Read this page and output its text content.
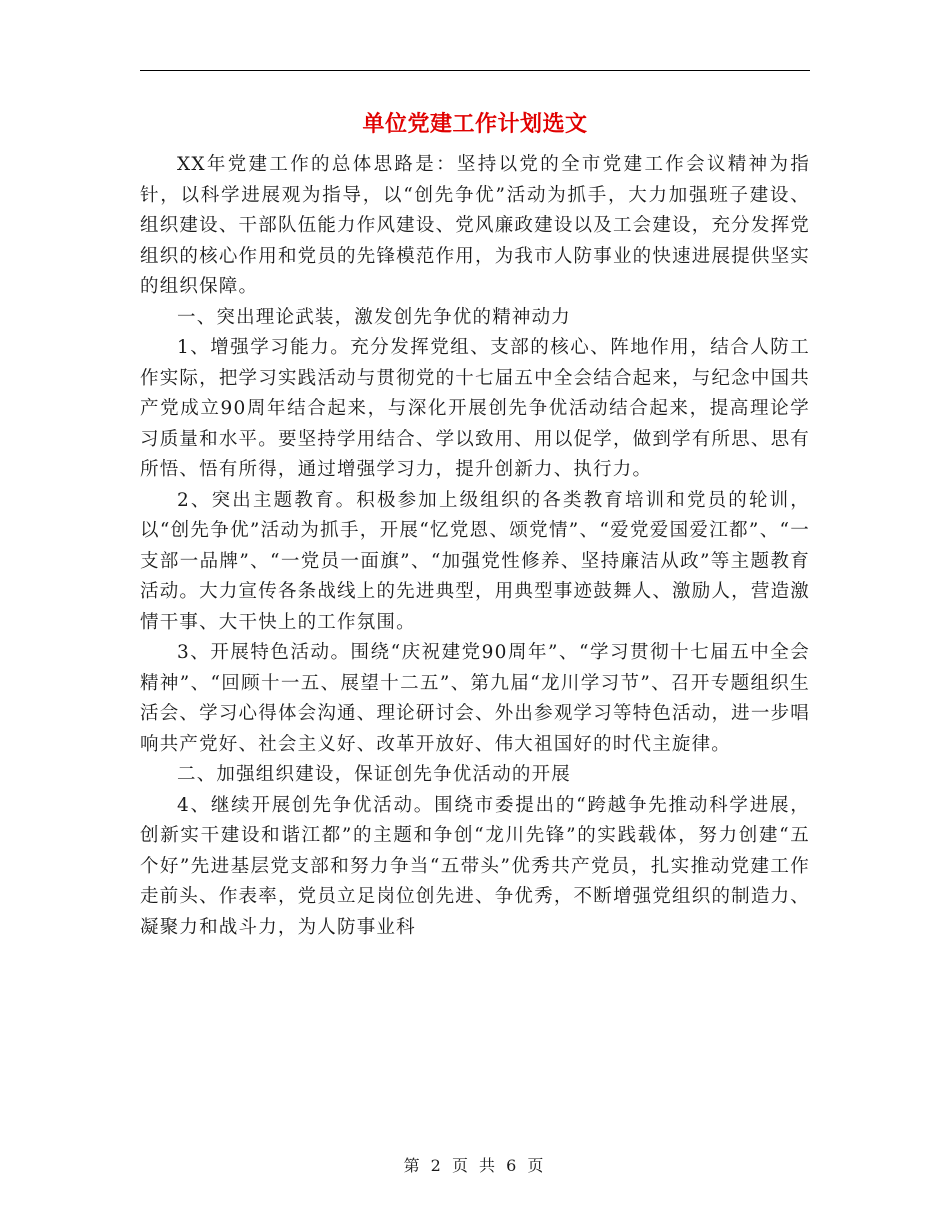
单位党建工作计划选文

XX年党建工作的总体思路是：坚持以党的全市党建工作会议精神为指针，以科学进展观为指导，以“创先争优”活动为抓手，大力加强班子建设、组织建设、干部队伍能力作风建设、党风廉政建设以及工会建设，充分发挥党组织的核心作用和党员的先锋模范作用，为我市人防事业的快速进展提供坚实的组织保障。

一、突出理论武装，激发创先争优的精神动力

1、增强学习能力。充分发挥党组、支部的核心、阵地作用，结合人防工作实际，把学习实践活动与贯彻党的十七届五中全会结合起来，与纪念中国共产党成立90周年结合起来，与深化开展创先争优活动结合起来，提高理论学习质量和水平。要坚持学用结合、学以致用、用以促学，做到学有所思、思有所悟、悟有所得，通过增强学习力，提升创新力、执行力。

2、突出主题教育。积极参加上级组织的各类教育培训和党员的轮训，以“创先争优”活动为抓手，开展“忆党恩、颂党情”、“爱党爱国爱江都”、“一支部一品牌”、“一党员一面旗”、“加强党性修养、坚持廉洁从政”等主题教育活动。大力宣传各条战线上的先进典型，用典型事迹鼓舞人、激励人，营造激情干事、大干快上的工作氛围。

3、开展特色活动。围绕“庆祝建党90周年”、“学习贯彻十七届五中全会精神”、“回顾十一五、展望十二五”、第九届“龙川学习节”、召开专题组织生活会、学习心得体会沟通、理论研讨会、外出参观学习等特色活动，进一步唱响共产党好、社会主义好、改革开放好、伟大祖国好的时代主旋律。

二、加强组织建设，保证创先争优活动的开展

4、继续开展创先争优活动。围绕市委提出的“跨越争先推动科学进展，创新实干建设和谐江都”的主题和争创“龙川先锋”的实践载体，努力创建“五个好”先进基层党支部和努力争当“五带头”优秀共产党员，扎实推动党建工作走前头、作表率，党员立足岗位创先进、争优秀，不断增强党组织的制造力、凝聚力和战斗力，为人防事业科

第 2 页 共 6 页
